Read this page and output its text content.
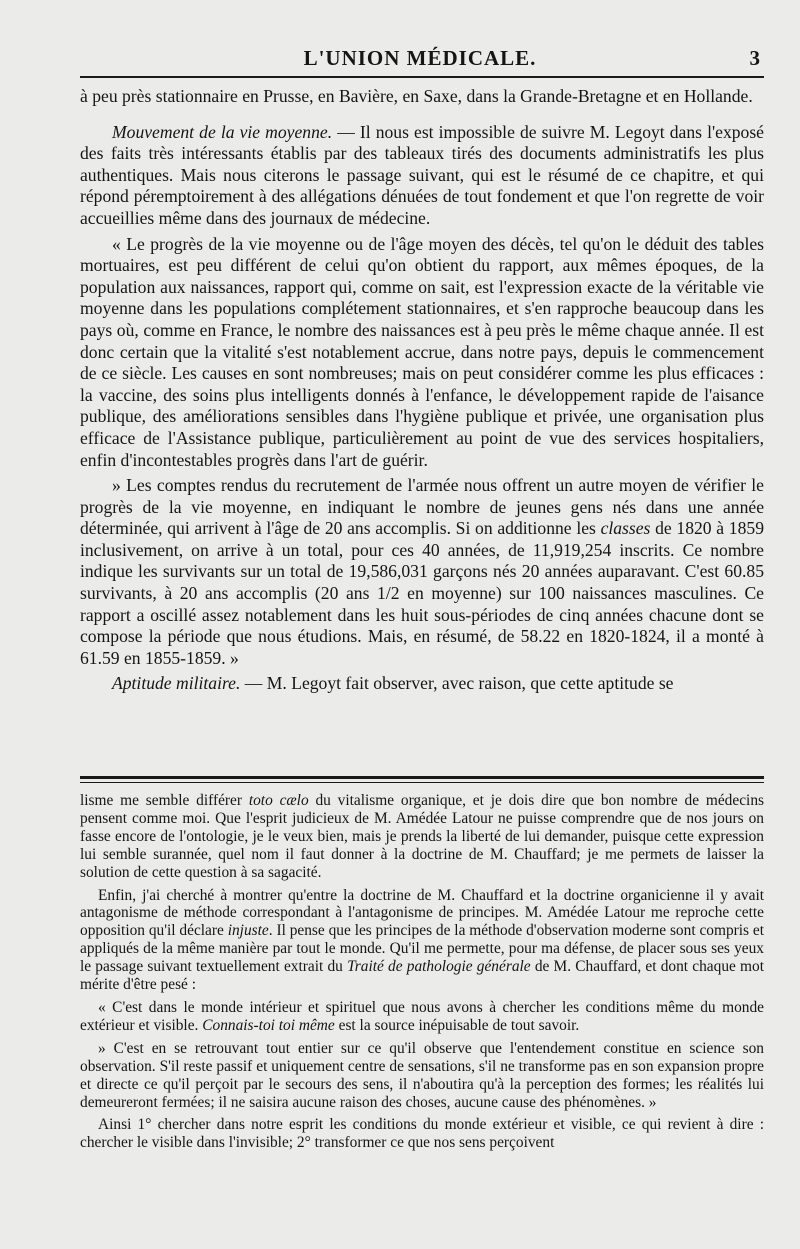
L'UNION MÉDICALE.	3

à peu près stationnaire en Prusse, en Bavière, en Saxe, dans la Grande-Bretagne et en Hollande.

Mouvement de la vie moyenne. — Il nous est impossible de suivre M. Legoyt dans l'exposé des faits très intéressants établis par des tableaux tirés des documents administratifs les plus authentiques. Mais nous citerons le passage suivant, qui est le résumé de ce chapitre, et qui répond péremptoirement à des allégations dénuées de tout fondement et que l'on regrette de voir accueillies même dans des journaux de médecine.

« Le progrès de la vie moyenne ou de l'âge moyen des décès, tel qu'on le déduit des tables mortuaires, est peu différent de celui qu'on obtient du rapport, aux mêmes époques, de la population aux naissances, rapport qui, comme on sait, est l'expression exacte de la véritable vie moyenne dans les populations complétement stationnaires, et s'en rapproche beaucoup dans les pays où, comme en France, le nombre des naissances est à peu près le même chaque année. Il est donc certain que la vitalité s'est notablement accrue, dans notre pays, depuis le commencement de ce siècle. Les causes en sont nombreuses; mais on peut considérer comme les plus efficaces : la vaccine, des soins plus intelligents donnés à l'enfance, le développement rapide de l'aisance publique, des améliorations sensibles dans l'hygiène publique et privée, une organisation plus efficace de l'Assistance publique, particulièrement au point de vue des services hospitaliers, enfin d'incontestables progrès dans l'art de guérir.

» Les comptes rendus du recrutement de l'armée nous offrent un autre moyen de vérifier le progrès de la vie moyenne, en indiquant le nombre de jeunes gens nés dans une année déterminée, qui arrivent à l'âge de 20 ans accomplis. Si on additionne les classes de 1820 à 1859 inclusivement, on arrive à un total, pour ces 40 années, de 11,919,254 inscrits. Ce nombre indique les survivants sur un total de 19,586,031 garçons nés 20 années auparavant. C'est 60.85 survivants, à 20 ans accomplis (20 ans 1/2 en moyenne) sur 100 naissances masculines. Ce rapport a oscillé assez notablement dans les huit sous-périodes de cinq années chacune dont se compose la période que nous étudions. Mais, en résumé, de 58.22 en 1820-1824, il a monté à 61.59 en 1855-1859. »

Aptitude militaire. — M. Legoyt fait observer, avec raison, que cette aptitude se

lisme me semble différer toto cælo du vitalisme organique, et je dois dire que bon nombre de médecins pensent comme moi. Que l'esprit judicieux de M. Amédée Latour ne puisse comprendre que de nos jours on fasse encore de l'ontologie, je le veux bien, mais je prends la liberté de lui demander, puisque cette expression lui semble surannée, quel nom il faut donner à la doctrine de M. Chauffard; je me permets de laisser la solution de cette question à sa sagacité.

Enfin, j'ai cherché à montrer qu'entre la doctrine de M. Chauffard et la doctrine organicienne il y avait antagonisme de méthode correspondant à l'antagonisme de principes. M. Amédée Latour me reproche cette opposition qu'il déclare injuste. Il pense que les principes de la méthode d'observation moderne sont compris et appliqués de la même manière par tout le monde. Qu'il me permette, pour ma défense, de placer sous ses yeux le passage suivant textuellement extrait du Traité de pathologie générale de M. Chauffard, et dont chaque mot mérite d'être pesé :

« C'est dans le monde intérieur et spirituel que nous avons à chercher les conditions même du monde extérieur et visible. Connais-toi toi même est la source inépuisable de tout savoir.

» C'est en se retrouvant tout entier sur ce qu'il observe que l'entendement constitue en science son observation. S'il reste passif et uniquement centre de sensations, s'il ne transforme pas en son expansion propre et directe ce qu'il perçoit par le secours des sens, il n'aboutira qu'à la perception des formes; les réalités lui demeureront fermées; il ne saisira aucune raison des choses, aucune cause des phénomènes. »

Ainsi 1° chercher dans notre esprit les conditions du monde extérieur et visible, ce qui revient à dire : chercher le visible dans l'invisible; 2° transformer ce que nos sens perçoivent
